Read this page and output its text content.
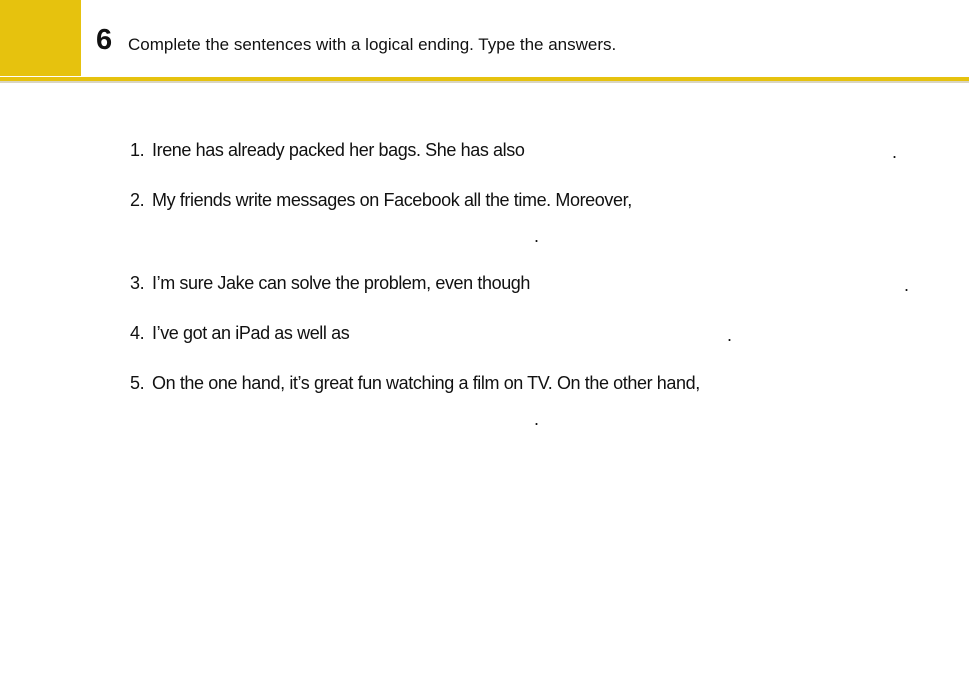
6 Complete the sentences with a logical ending. Type the answers.
1. Irene has already packed her bags. She has also	.
2. My friends write messages on Facebook all the time. Moreover,
.
3. I’m sure Jake can solve the problem, even though	.
4. I’ve got an iPad as well as	.
5. On the one hand, it’s great fun watching a film on TV. On the other hand,
.
